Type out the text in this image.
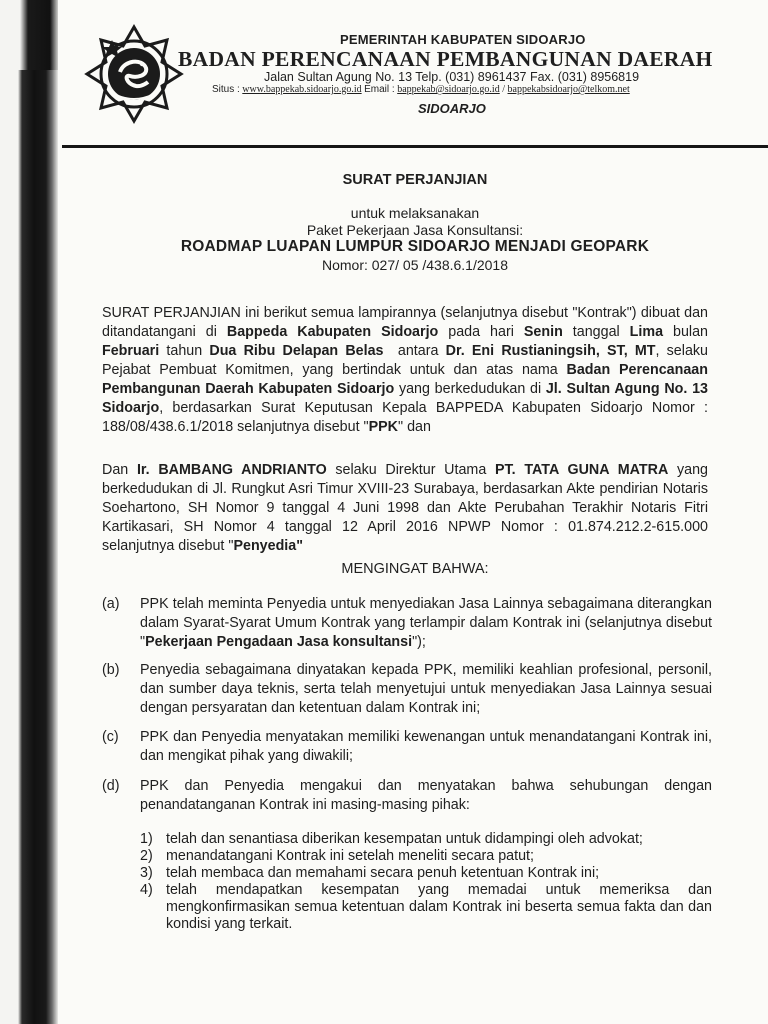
PEMERINTAH KABUPATEN SIDOARJO
BADAN PERENCANAAN PEMBANGUNAN DAERAH
Jalan Sultan Agung No. 13 Telp. (031) 8961437 Fax. (031) 8956819
Situs : www.bappekab.sidoarjo.go.id Email : bappekab@sidoarjo.go.id / bappekabsidoarjo@telkom.net
SIDOARJO
SURAT PERJANJIAN
untuk melaksanakan
Paket Pekerjaan Jasa Konsultansi:
ROADMAP LUAPAN LUMPUR SIDOARJO MENJADI GEOPARK
Nomor: 027/ 05 /438.6.1/2018
SURAT PERJANJIAN ini berikut semua lampirannya (selanjutnya disebut "Kontrak") dibuat dan ditandatangani di Bappeda Kabupaten Sidoarjo pada hari Senin tanggal Lima bulan Februari tahun Dua Ribu Delapan Belas  antara Dr. Eni Rustianingsih, ST, MT, selaku Pejabat Pembuat Komitmen, yang bertindak untuk dan atas nama Badan Perencanaan Pembangunan Daerah Kabupaten Sidoarjo yang berkedudukan di Jl. Sultan Agung No. 13 Sidoarjo, berdasarkan Surat Keputusan Kepala BAPPEDA Kabupaten Sidoarjo Nomor : 188/08/438.6.1/2018 selanjutnya disebut "PPK" dan
Dan Ir. BAMBANG ANDRIANTO selaku Direktur Utama PT. TATA GUNA MATRA yang berkedudukan di Jl. Rungkut Asri Timur XVIII-23 Surabaya, berdasarkan Akte pendirian Notaris Soehartono, SH Nomor 9 tanggal 4 Juni 1998 dan Akte Perubahan Terakhir Notaris Fitri Kartikasari, SH Nomor 4 tanggal 12 April 2016 NPWP Nomor : 01.874.212.2-615.000 selanjutnya disebut "Penyedia"
MENGINGAT BAHWA:
(a)	PPK telah meminta Penyedia untuk menyediakan Jasa Lainnya sebagaimana diterangkan dalam Syarat-Syarat Umum Kontrak yang terlampir dalam Kontrak ini (selanjutnya disebut "Pekerjaan Pengadaan Jasa konsultansi");
(b)	Penyedia sebagaimana dinyatakan kepada PPK, memiliki keahlian profesional, personil, dan sumber daya teknis, serta telah menyetujui untuk menyediakan Jasa Lainnya sesuai dengan persyaratan dan ketentuan dalam Kontrak ini;
(c)	PPK dan Penyedia menyatakan memiliki kewenangan untuk menandatangani Kontrak ini, dan mengikat pihak yang diwakili;
(d)	PPK dan Penyedia mengakui dan menyatakan bahwa sehubungan dengan penandatanganan Kontrak ini masing-masing pihak:
1) telah dan senantiasa diberikan kesempatan untuk didampingi oleh advokat;
2) menandatangani Kontrak ini setelah meneliti secara patut;
3) telah membaca dan memahami secara penuh ketentuan Kontrak ini;
4) telah mendapatkan kesempatan yang memadai untuk memeriksa dan mengkonfirmasikan semua ketentuan dalam Kontrak ini beserta semua fakta dan dan kondisi yang terkait.
